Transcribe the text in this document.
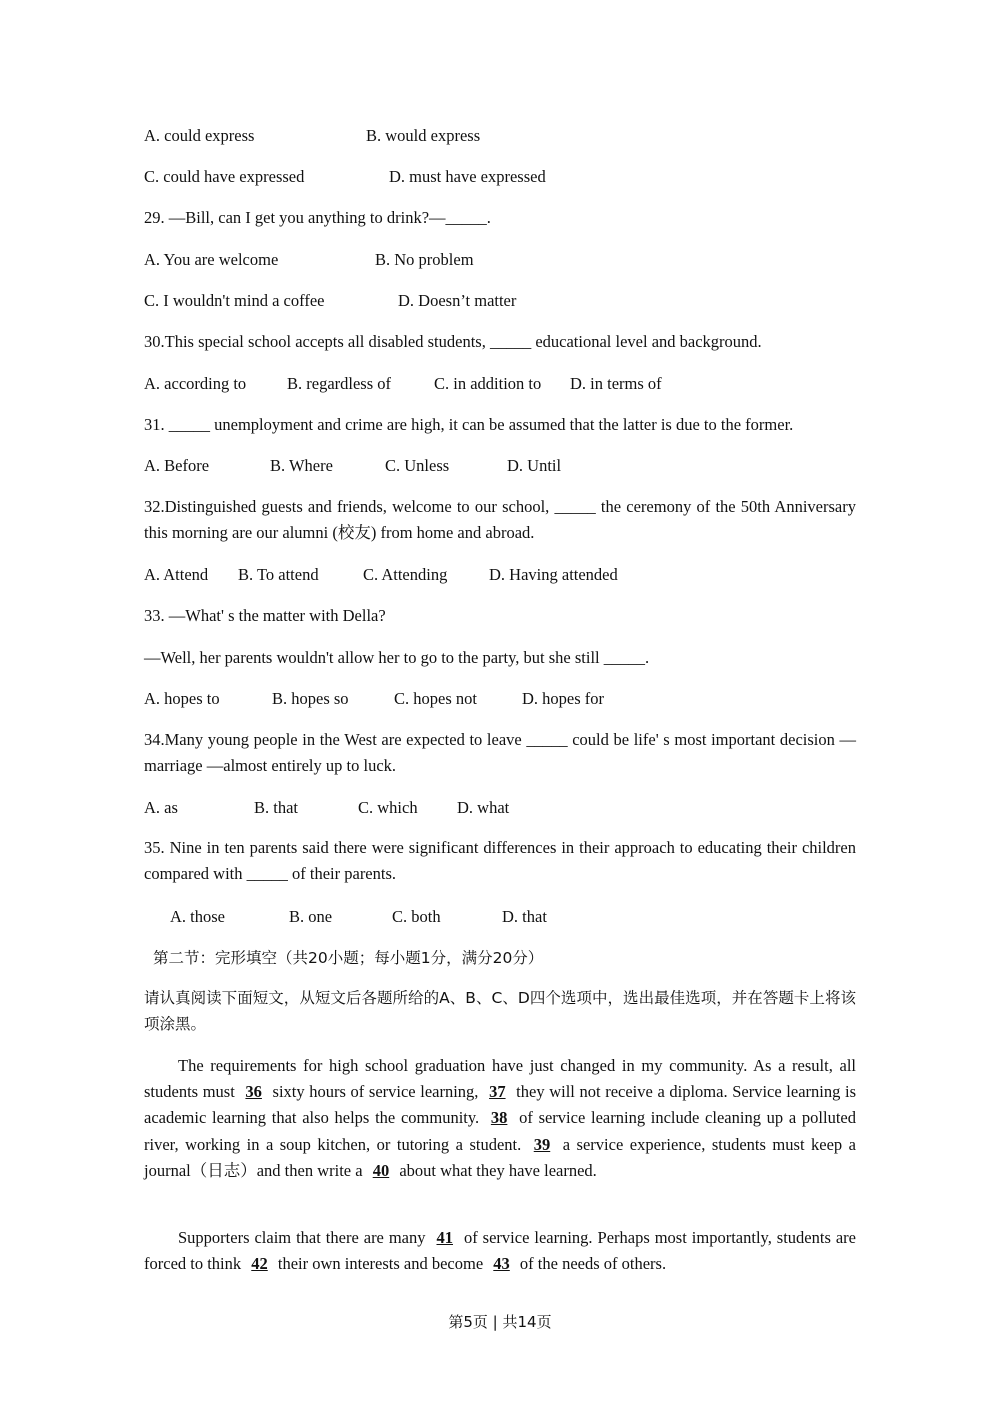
A. could express	B. would express
C. could have expressed	D. must have expressed
29. —Bill, can I get you anything to drink?—_____.
A. You are welcome	B. No problem
C. I wouldn't mind a coffee	D. Doesn’t matter
30.This special school accepts all disabled students, _____ educational level and background.
A. according to B. regardless of	C. in addition to D. in terms of
31. _____ unemployment and crime are high, it can be assumed that the latter is due to the former.
A. Before	B. Where	C. Unless	D. Until
32.Distinguished guests and friends, welcome to our school, _____ the ceremony of the 50th Anniversary this morning are our alumni (校友) from home and abroad.
A. Attend B. To attend	C. Attending	D. Having attended
33. —What' s the matter with Della?
—Well, her parents wouldn't allow her to go to the party, but she still _____.
A. hopes to	B. hopes so	C. hopes not	D. hopes for
34.Many young people in the West are expected to leave _____ could be life' s most important decision —marriage —almost entirely up to luck.
A. as	B. that	C. which D. what
35. Nine in ten parents said there were significant differences in their approach to educating their children compared with _____ of their parents.
A. those	B. one	C. both	D. that
第二节：完形填空（共20小题；每小题1分，满分20分）
请认真阅读下面短文，从短文后各题所给的A、B、C、D四个选项中，选出最佳选项，并在答题卡上将该项涂黑。
The requirements for high school graduation have just changed in my community. As a result, all students must 36 sixty hours of service learning, 37 they will not receive a diploma. Service learning is academic learning that also helps the community. 38 of service learning include cleaning up a polluted river, working in a soup kitchen, or tutoring a student. 39 a service experience, students must keep a journal（日志）and then write a 40 about what they have learned.
Supporters claim that there are many 41 of service learning. Perhaps most importantly, students are forced to think 42 their own interests and become 43 of the needs of others.
第5页 | 共14页
